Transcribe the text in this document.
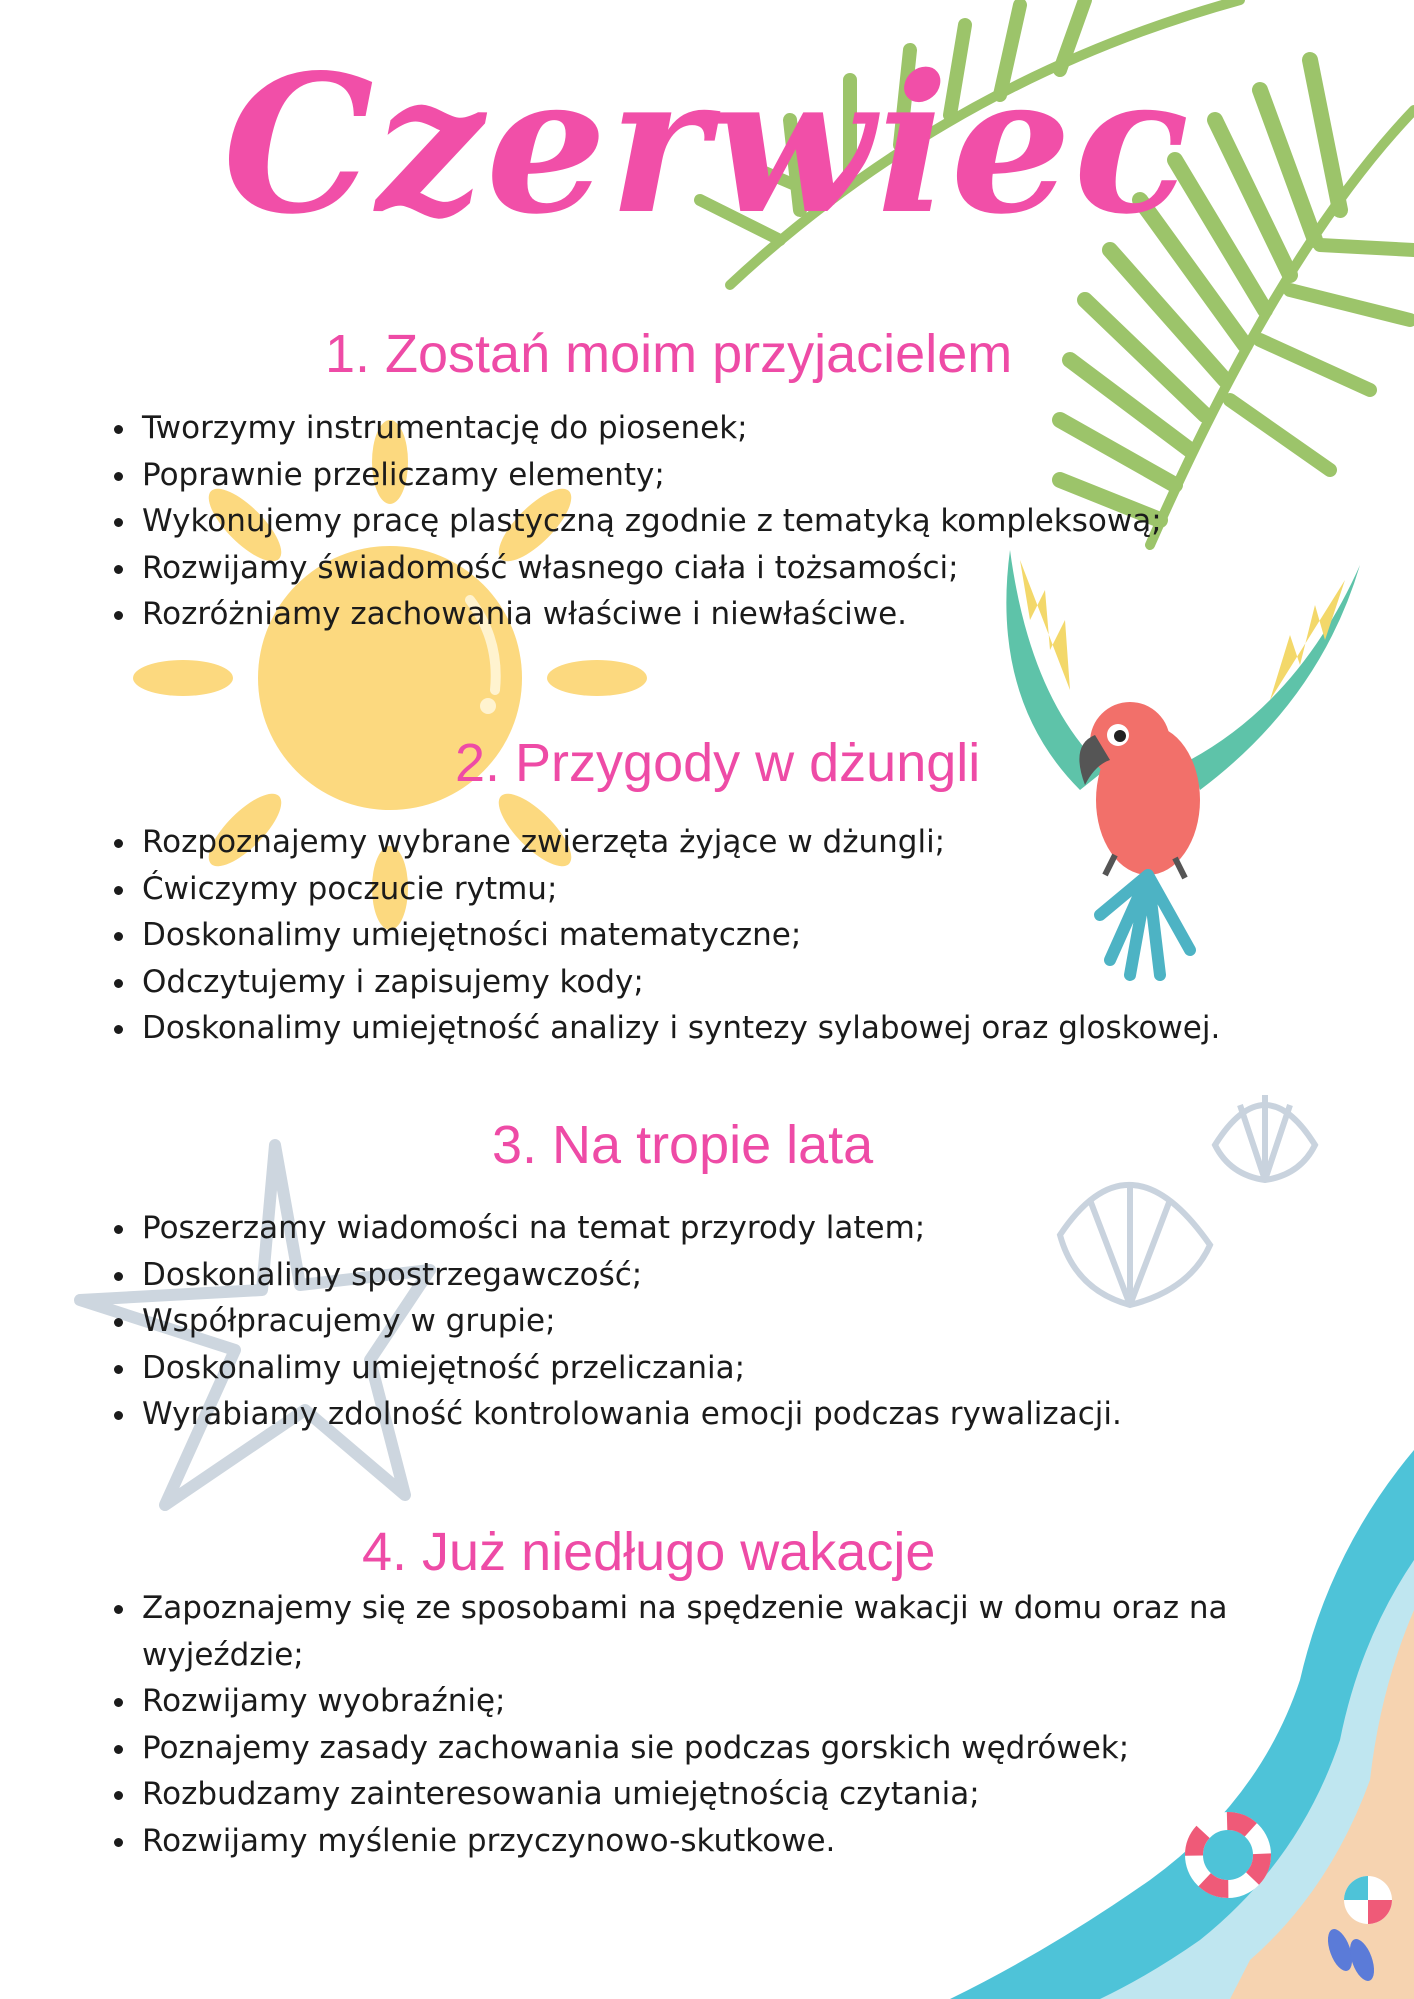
Czerwiec
1. Zostań moim przyjacielem
Tworzymy instrumentację do piosenek;
Poprawnie przeliczamy elementy;
Wykonujemy pracę plastyczną zgodnie z tematyką kompleksową;
Rozwijamy świadomość własnego ciała i tożsamości;
Rozróżniamy zachowania właściwe i niewłaściwe.
2. Przygody w dżungli
Rozpoznajemy wybrane zwierzęta żyjące w dżungli;
Ćwiczymy poczucie rytmu;
Doskonalimy umiejętności matematyczne;
Odczytujemy i zapisujemy kody;
Doskonalimy umiejętność analizy i syntezy sylabowej oraz gloskowej.
3. Na tropie lata
Poszerzamy wiadomości na temat przyrody latem;
Doskonalimy spostrzegawczość;
Współpracujemy w grupie;
Doskonalimy umiejętność przeliczania;
Wyrabiamy zdolność kontrolowania emocji podczas rywalizacji.
4. Już niedługo wakacje
Zapoznajemy się ze sposobami na spędzenie wakacji w domu oraz na wyjeździe;
Rozwijamy wyobraźnię;
Poznajemy zasady zachowania sie podczas gorskich wędrówek;
Rozbudzamy zainteresowania umiejętnością czytania;
Rozwijamy myślenie przyczynowo-skutkowe.
